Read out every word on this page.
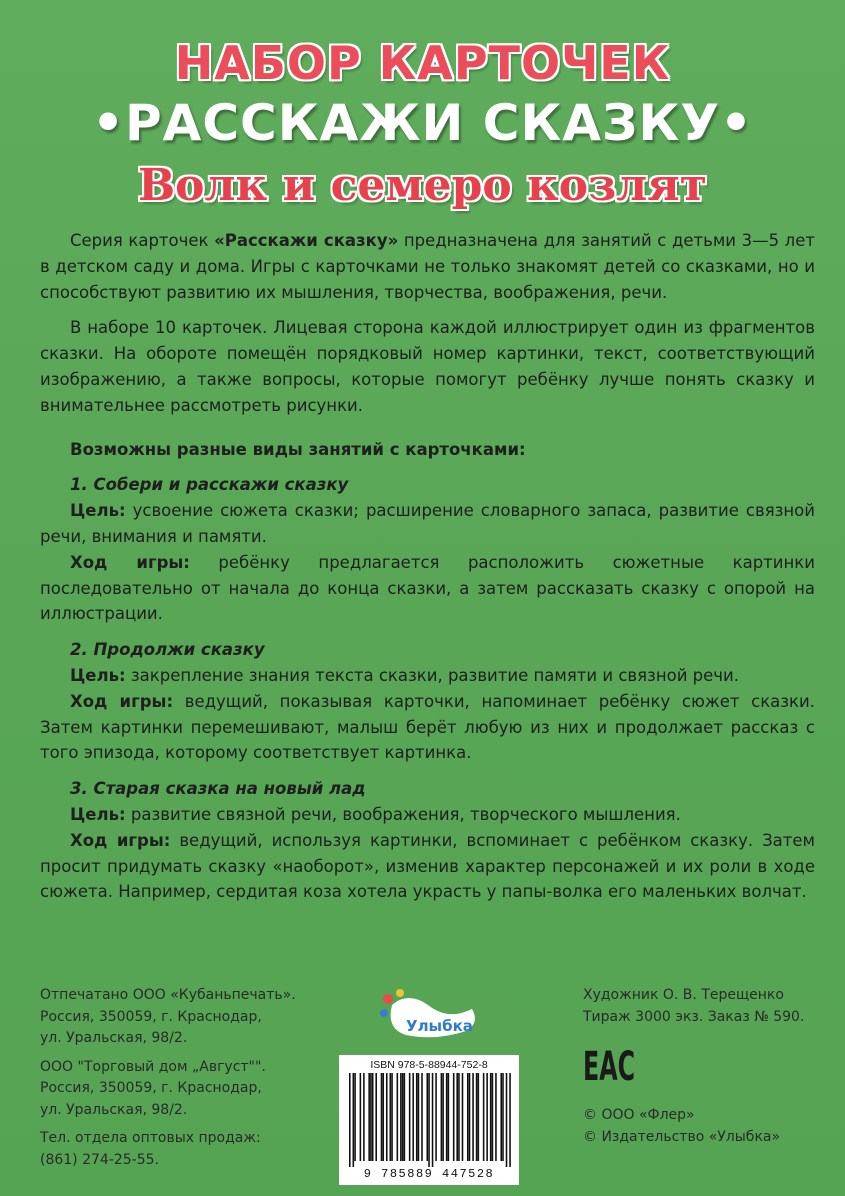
НАБОР КАРТОЧЕК
•РАССКАЖИ СКАЗКУ•
Волк и семеро козлят

Серия карточек «Расскажи сказку» предназначена для занятий с детьми 3—5 лет в детском саду и дома. Игры с карточками не только знакомят детей со сказками, но и способствуют развитию их мышления, творчества, воображения, речи.

В наборе 10 карточек. Лицевая сторона каждой иллюстрирует один из фрагментов сказки. На обороте помещён порядковый номер картинки, текст, соответствующий изображению, а также вопросы, которые помогут ребёнку лучше понять сказку и внимательнее рассмотреть рисунки.

Возможны разные виды занятий с карточками:
1. Собери и расскажи сказку

Цель: усвоение сюжета сказки; расширение словарного запаса, развитие связной речи, внимания и памяти.

Ход игры: ребёнку предлагается расположить сюжетные картинки последовательно от начала до конца сказки, а затем рассказать сказку с опорой на иллюстрации.

2. Продолжи сказку

Цель: закрепление знания текста сказки, развитие памяти и связной речи.

Ход игры: ведущий, показывая карточки, напоминает ребёнку сюжет сказки. Затем картинки перемешивают, малыш берёт любую из них и продолжает рассказ с того эпизода, которому соответствует картинка.

3. Старая сказка на новый лад

Цель: развитие связной речи, воображения, творческого мышления.

Ход игры: ведущий, используя картинки, вспоминает с ребёнком сказку. Затем просит придумать сказку «наоборот», изменив характер персонажей и их роли в ходе сюжета. Например, сердитая коза хотела украсть у папы-волка его маленьких волчат.

Отпечатано ООО «Кубаньпечать».
Россия, 350059, г. Краснодар,
ул. Уральская, 98/2.
ООО "Торговый дом „Август"".
Россия, 350059, г. Краснодар,
ул. Уральская, 98/2.
Тел. отдела оптовых продаж:
(861) 274-25-55.
Улыбка
Художник О. В. Терещенко
Тираж 3000 экз. Заказ № 590.
ЕАС
© ООО «Флер»
© Издательство «Улыбка»
ISBN 978-5-88944-752-8
9 785889 447528
